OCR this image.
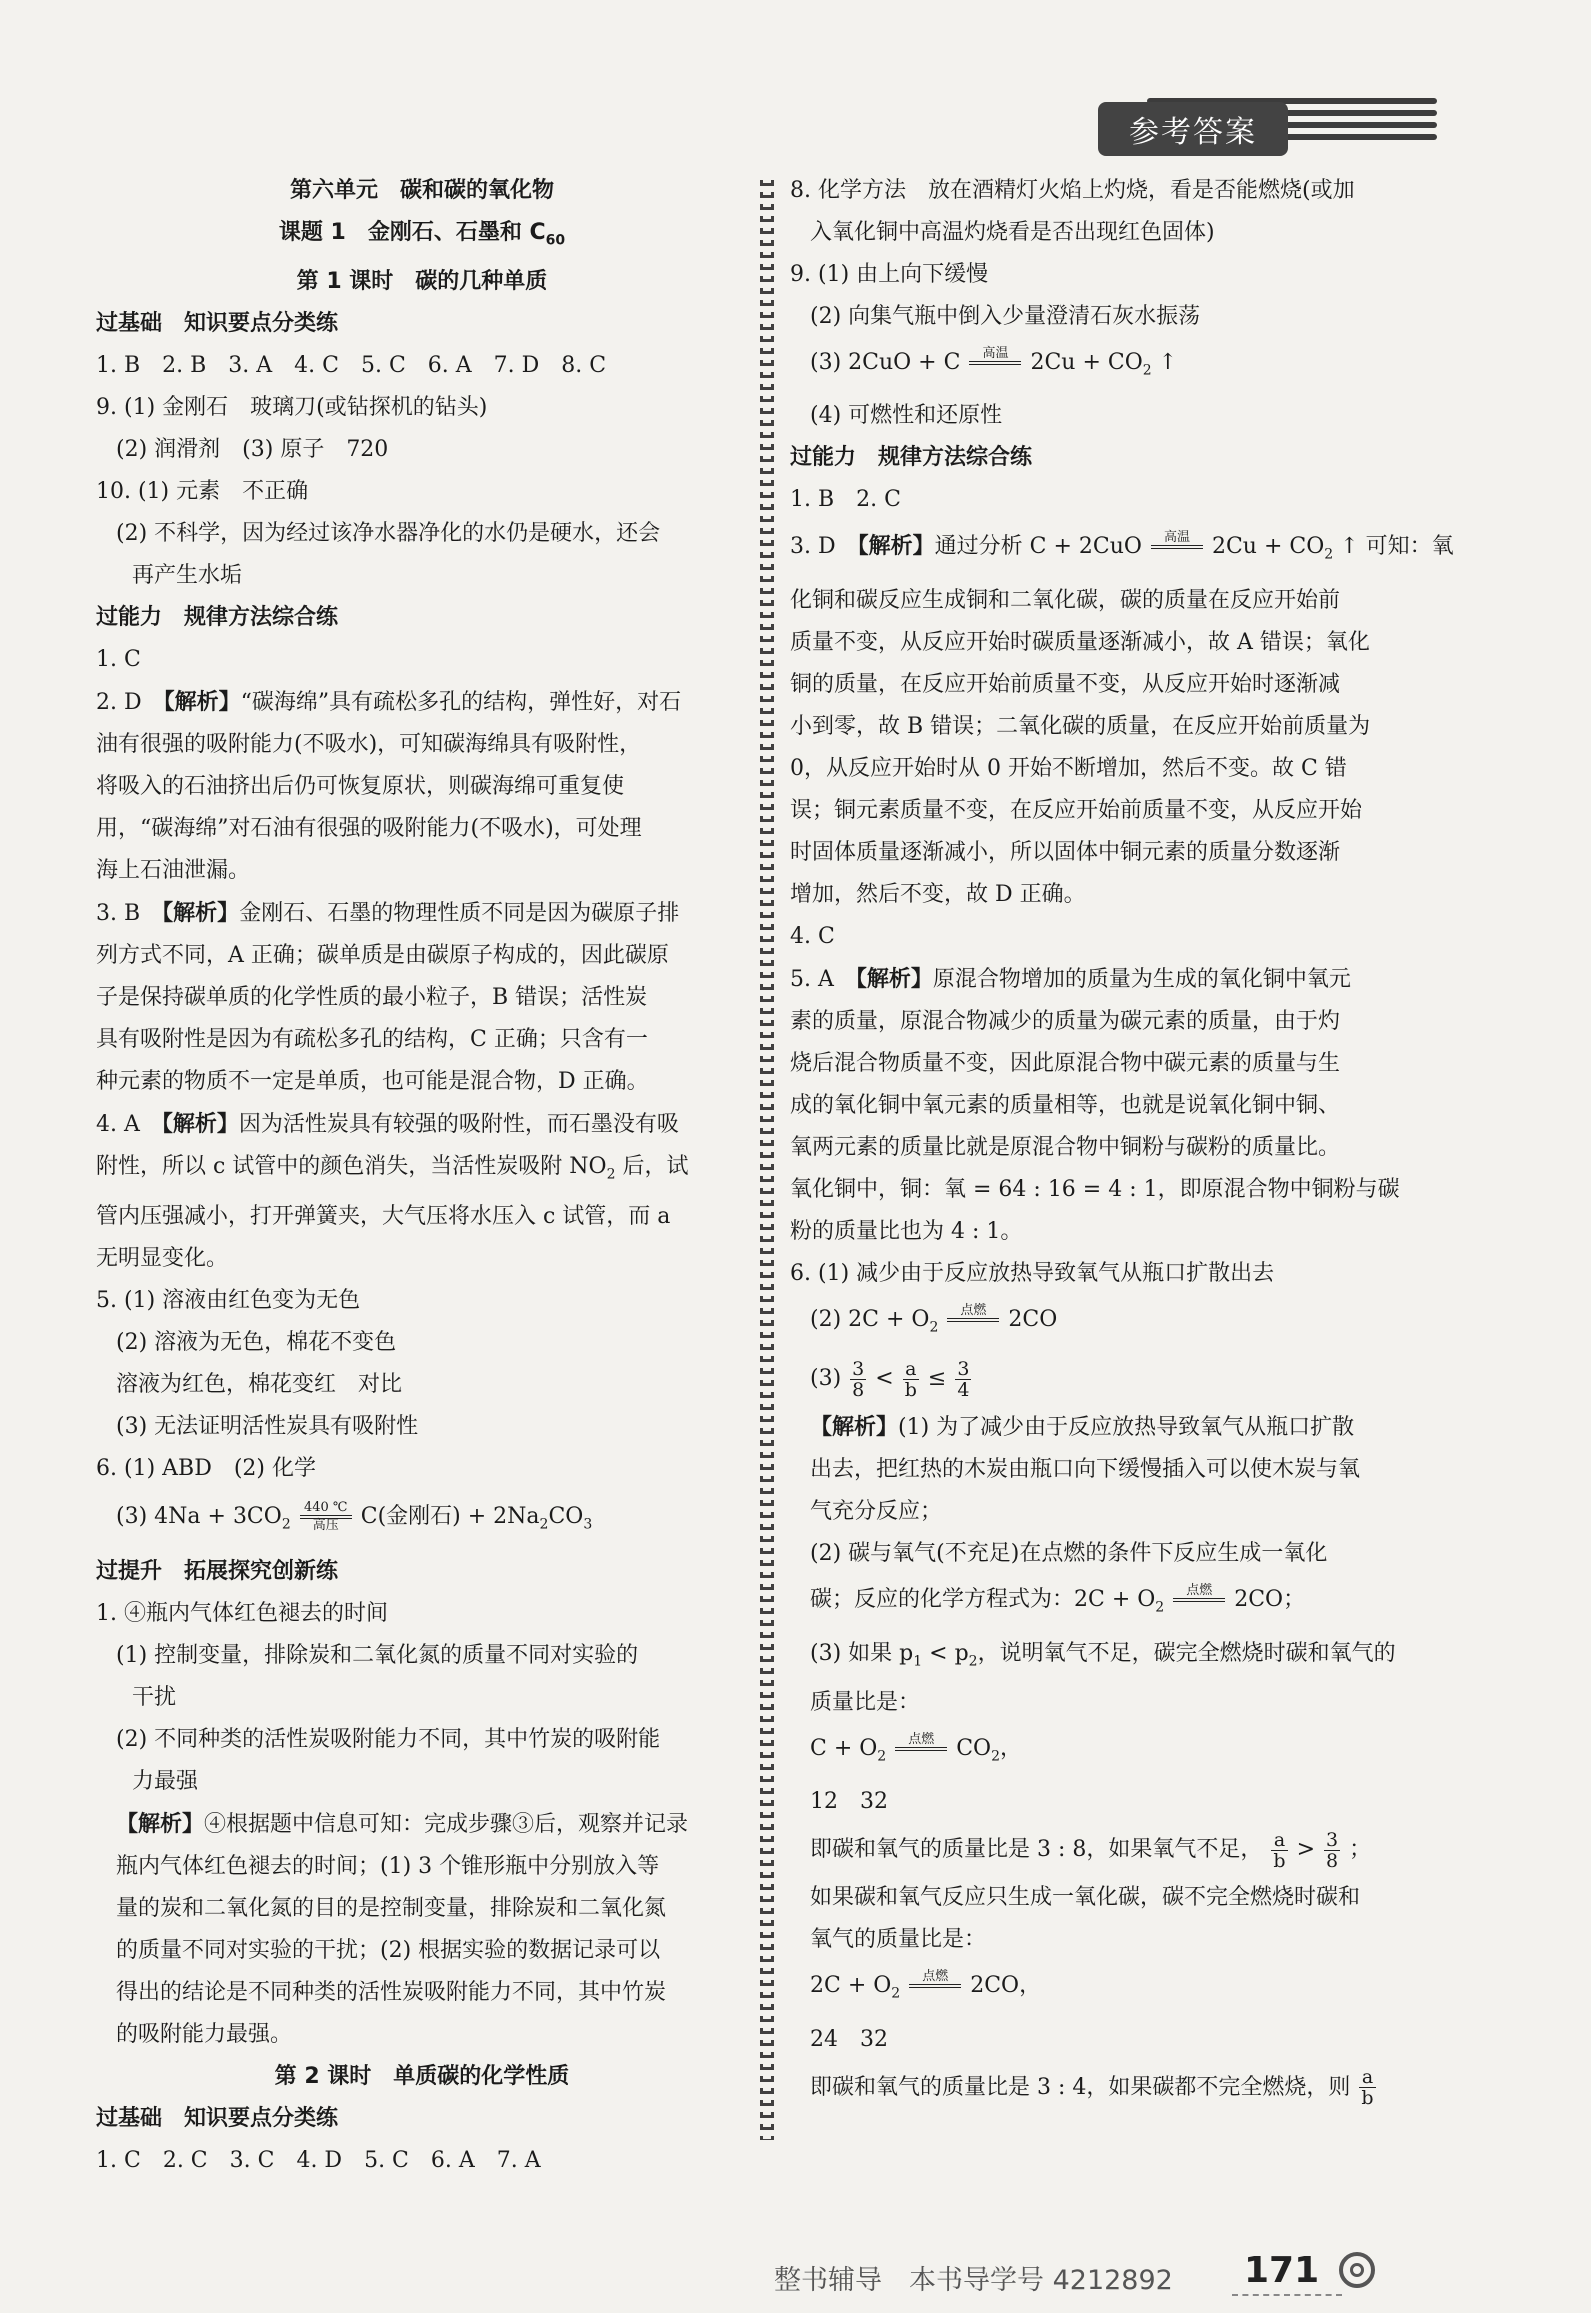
参考答案

第六单元　碳和碳的氧化物

课题 1　金刚石、石墨和 $C_{60}$

第 1 课时　碳的几种单质

过基础　知识要点分类练

1. B　2. B　3. A　4. C　5. C　6. A　7. D　8. C

9. (1) 金刚石　玻璃刀(或钻探机的钻头)

(2) 润滑剂　(3) 原子　720

10. (1) 元素　不正确

(2) 不科学，因为经过该净水器净化的水仍是硬水，还会

再产生水垢

过能力　规律方法综合练

1. C

2. D　 【解析】“碳海绵”具有疏松多孔的结构，弹性好，对石

油有很强的吸附能力(不吸水)，可知碳海绵具有吸附性，

将吸入的石油挤出后仍可恢复原状，则碳海绵可重复使

用，“碳海绵”对石油有很强的吸附能力(不吸水)，可处理

海上石油泄漏。

3. B　 【解析】金刚石、石墨的物理性质不同是因为碳原子排

列方式不同，A 正确；碳单质是由碳原子构成的，因此碳原

子是保持碳单质的化学性质的最小粒子，B 错误；活性炭

具有吸附性是因为有疏松多孔的结构，C 正确；只含有一

种元素的物质不一定是单质，也可能是混合物，D 正确。

4. A　 【解析】因为活性炭具有较强的吸附性，而石墨没有吸

附性，所以 c 试管中的颜色消失，当活性炭吸附 $NO_2$ 后，试

管内压强减小，打开弹簧夹，大气压将水压入 c 试管，而 a

无明显变化。

5. (1) 溶液由红色变为无色

(2) 溶液为无色，棉花不变色

溶液为红色，棉花变红　对比

(3) 无法证明活性炭具有吸附性

6. (1) ABD　(2) 化学

(3) $4Na + 3CO_2$
440 ℃
高压	C(金刚石) + $2Na_2CO_3$

过提升　拓展探究创新练

1. ④瓶内气体红色褪去的时间

(1) 控制变量，排除炭和二氧化氮的质量不同对实验的

干扰

(2) 不同种类的活性炭吸附能力不同，其中竹炭的吸附能

力最强

【解析】④根据题中信息可知：完成步骤③后，观察并记录

瓶内气体红色褪去的时间；(1) 3 个锥形瓶中分别放入等

量的炭和二氧化氮的目的是控制变量，排除炭和二氧化氮

的质量不同对实验的干扰；(2) 根据实验的数据记录可以

得出的结论是不同种类的活性炭吸附能力不同，其中竹炭

的吸附能力最强。

第 2 课时　单质碳的化学性质

过基础　知识要点分类练

1. C　2. C　3. C　4. D　5. C　6. A　7. A

8. 化学方法　放在酒精灯火焰上灼烧，看是否能燃烧(或加

入氧化铜中高温灼烧看是否出现红色固体)

9. (1) 由上向下缓慢

(2) 向集气瓶中倒入少量澄清石灰水振荡

(3) 2CuO + C	高温
	$2Cu + CO_2$ ↑

(4) 可燃性和还原性

过能力　规律方法综合练

1. B　2. C

3. D　 【解析】通过分析 C + 2CuO	高温
	$2Cu + CO_2$ ↑ 可知：氧

化铜和碳反应生成铜和二氧化碳，碳的质量在反应开始前

质量不变，从反应开始时碳质量逐渐减小，故 A 错误；氧化

铜的质量，在反应开始前质量不变，从反应开始时逐渐减

小到零，故 B 错误；二氧化碳的质量，在反应开始前质量为

0，从反应开始时从 0 开始不断增加，然后不变。故 C 错

误；铜元素质量不变，在反应开始前质量不变，从反应开始

时固体质量逐渐减小，所以固体中铜元素的质量分数逐渐

增加，然后不变，故 D 正确。

4. C

5. A　 【解析】原混合物增加的质量为生成的氧化铜中氧元

素的质量，原混合物减少的质量为碳元素的质量，由于灼

烧后混合物质量不变，因此原混合物中碳元素的质量与生

成的氧化铜中氧元素的质量相等，也就是说氧化铜中铜、

氧两元素的质量比就是原混合物中铜粉与碳粉的质量比。

氧化铜中，铜：氧 = 64 : 16 = 4 : 1，即原混合物中铜粉与碳

粉的质量比也为 4 : 1。

6. (1) 减少由于反应放热导致氧气从瓶口扩散出去

(2) $2C + O_2$
点燃
	2CO

$(3) \frac{3}{8} < \frac{a}{b} \le \frac{3}{4}$

【解析】(1) 为了减少由于反应放热导致氧气从瓶口扩散

出去，把红热的木炭由瓶口向下缓慢插入可以使木炭与氧

气充分反应；

(2) 碳与氧气(不充足)在点燃的条件下反应生成一氧化

碳；反应的化学方程式为：$2C + O_2$
点燃
	2CO；

(3) 如果 $p_1 < p_2$，说明氧气不足，碳完全燃烧时碳和氧气的

质量比是：

$C + O_2$
点燃
	$CO_2$，

12　32

即碳和氧气的质量比是 3 : 8，如果氧气不足， $\frac{a}{b} > \frac{3}{8}$ ；

如果碳和氧气反应只生成一氧化碳，碳不完全燃烧时碳和

氧气的质量比是：

$2C + O_2$
点燃
	2CO，

24　32

即碳和氧气的质量比是 3 : 4，如果碳都不完全燃烧，则 $\frac{a}{b}$

整书辅导　本书导学号 4212892 171
